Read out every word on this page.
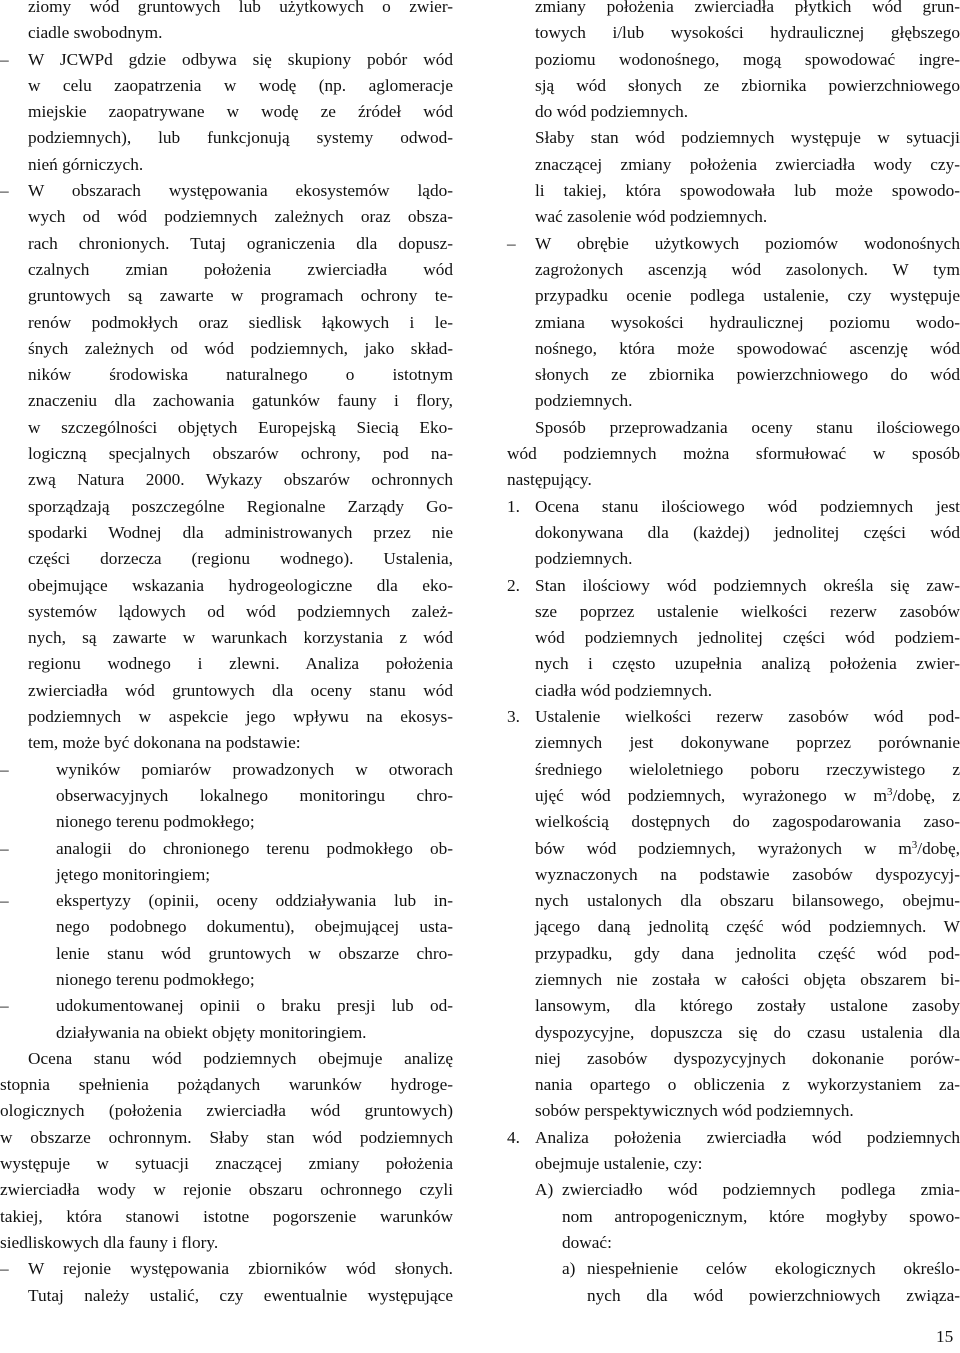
ziomy wód gruntowych lub użytkowych o zwier-
ciadle swobodnym.
– W JCWPd gdzie odbywa się skupiony pobór wód
w celu zaopatrzenia w wodę (np. aglomeracje
miejskie zaopatrywane w wodę ze źródeł wód
podziemnych), lub funkcjonują systemy odwod-
nień górniczych.
– W obszarach występowania ekosystemów lądo-
wych od wód podziemnych zależnych oraz obsza-
rach chronionych. Tutaj ograniczenia dla dopusz-
czalnych zmian położenia zwierciadła wód
gruntowych są zawarte w programach ochrony te-
renów podmokłych oraz siedlisk łąkowych i le-
śnych zależnych od wód podziemnych, jako skład-
ników środowiska naturalnego o istotnym
znaczeniu dla zachowania gatunków fauny i flory,
w szczególności objętych Europejską Siecią Eko-
logiczną specjalnych obszarów ochrony, pod na-
zwą Natura 2000. Wykazy obszarów ochronnych
sporządzają poszczególne Regionalne Zarządy Go-
spodarki Wodnej dla administrowanych przez nie
części dorzecza (regionu wodnego). Ustalenia,
obejmujące wskazania hydrogeologiczne dla eko-
systemów lądowych od wód podziemnych zależ-
nych, są zawarte w warunkach korzystania z wód
regionu wodnego i zlewni. Analiza położenia
zwierciadła wód gruntowych dla oceny stanu wód
podziemnych w aspekcie jego wpływu na ekosys-
tem, może być dokonana na podstawie:
–	wyników pomiarów prowadzonych w otworach
obserwacyjnych lokalnego monitoringu chro-
nionego terenu podmokłego;
–	analogii do chronionego terenu podmokłego ob-
jętego monitoringiem;
–	ekspertyzy (opinii, oceny oddziaływania lub in-
nego podobnego dokumentu), obejmującej usta-
lenie stanu wód gruntowych w obszarze chro-
nionego terenu podmokłego;
–	udokumentowanej opinii o braku presji lub od-
działywania na obiekt objęty monitoringiem.
Ocena stanu wód podziemnych obejmuje analizę
stopnia spełnienia pożądanych warunków hydroge-
ologicznych (położenia zwierciadła wód gruntowych)
w obszarze ochronnym. Słaby stan wód podziemnych
występuje w sytuacji znaczącej zmiany położenia
zwierciadła wody w rejonie obszaru ochronnego czyli
takiej, która stanowi istotne pogorszenie warunków
siedliskowych dla fauny i flory.
– W rejonie występowania zbiorników wód słonych.
Tutaj należy ustalić, czy ewentualnie występujące
zmiany położenia zwierciadła płytkich wód grun-
towych i/lub wysokości hydraulicznej głębszego
poziomu wodonośnego, mogą spowodować ingre-
sją wód słonych ze zbiornika powierzchniowego
do wód podziemnych.
Słaby stan wód podziemnych występuje w sytuacji
znaczącej zmiany położenia zwierciadła wody czy-
li takiej, która spowodowała lub może spowodo-
wać zasolenie wód podziemnych.
– W obrębie użytkowych poziomów wodonośnych
zagrożonych ascenzją wód zasolonych. W tym
przypadku ocenie podlega ustalenie, czy występuje
zmiana wysokości hydraulicznej poziomu wodo-
nośnego, która może spowodować ascenzję wód
słonych ze zbiornika powierzchniowego do wód
podziemnych.
Sposób przeprowadzania oceny stanu ilościowego
wód podziemnych można sformułować w sposób
następujący.
1. Ocena stanu ilościowego wód podziemnych jest
dokonywana dla (każdej) jednolitej części wód
podziemnych.
2. Stan ilościowy wód podziemnych określa się zaw-
sze poprzez ustalenie wielkości rezerw zasobów
wód podziemnych jednolitej części wód podziem-
nych i często uzupełnia analizą położenia zwier-
ciadła wód podziemnych.
3. Ustalenie wielkości rezerw zasobów wód pod-
ziemnych jest dokonywane poprzez porównanie
średniego wieloletniego poboru rzeczywistego z
ujęć wód podziemnych, wyrażonego w $m^3$/dobę, z
wielkością dostępnych do zagospodarowania zaso-
bów wód podziemnych, wyrażonych w $m^3$/dobę,
wyznaczonych na podstawie zasobów dyspozycyj-
nych ustalonych dla obszaru bilansowego, obejmu-
jącego daną jednolitą część wód podziemnych. W
przypadku, gdy dana jednolita część wód pod-
ziemnych nie została w całości objęta obszarem bi-
lansowym, dla którego zostały ustalone zasoby
dyspozycyjne, dopuszcza się do czasu ustalenia dla
niej zasobów dyspozycyjnych dokonanie porów-
nania opartego o obliczenia z wykorzystaniem za-
sobów perspektywicznych wód podziemnych.
4. Analiza położenia zwierciadła wód podziemnych
obejmuje ustalenie, czy:
A) zwierciadło wód podziemnych podlega zmia-
nom antropogenicznym, które mogłyby spowo-
dować:
a) niespełnienie celów ekologicznych określo-
nych dla wód powierzchniowych związa-
15
